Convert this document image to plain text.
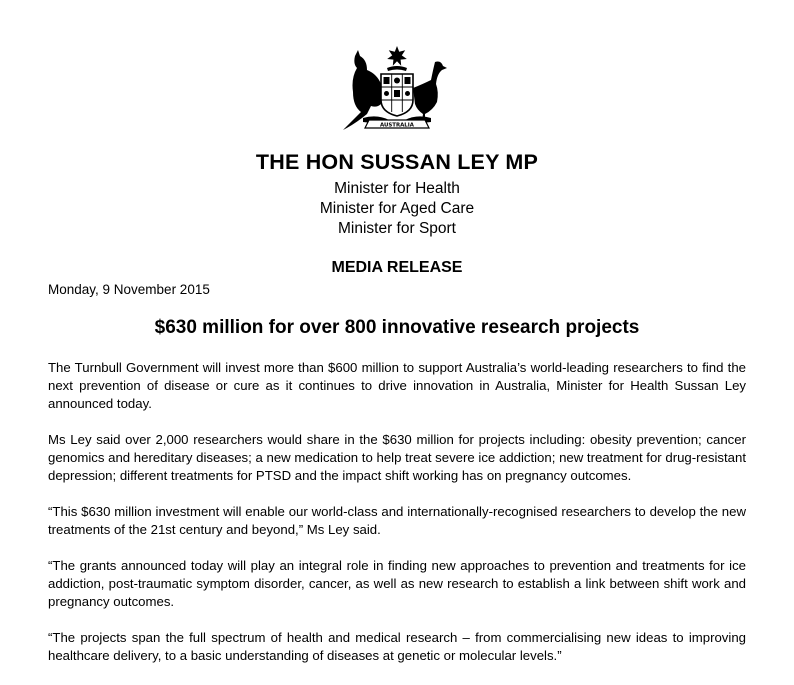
AUSTRALIA
THE HON SUSSAN LEY MP
Minister for Health
Minister for Aged Care
Minister for Sport
MEDIA RELEASE
Monday, 9 November 2015
$630 million for over 800 innovative research projects

The Turnbull Government will invest more than $600 million to support Australia’s world-leading researchers to find the next prevention of disease or cure as it continues to drive innovation in Australia, Minister for Health Sussan Ley announced today.

Ms Ley said over 2,000 researchers would share in the $630 million for projects including: obesity prevention; cancer genomics and hereditary diseases; a new medication to help treat severe ice addiction; new treatment for drug-resistant depression; different treatments for PTSD and the impact shift working has on pregnancy outcomes.

“This $630 million investment will enable our world-class and internationally-recognised researchers to develop the new treatments of the 21st century and beyond,” Ms Ley said.

“The grants announced today will play an integral role in finding new approaches to prevention and treatments for ice addiction, post-traumatic symptom disorder, cancer, as well as new research to establish a link between shift work and pregnancy outcomes.

“The projects span the full spectrum of health and medical research – from commercialising new ideas to improving healthcare delivery, to a basic understanding of diseases at genetic or molecular levels.”
